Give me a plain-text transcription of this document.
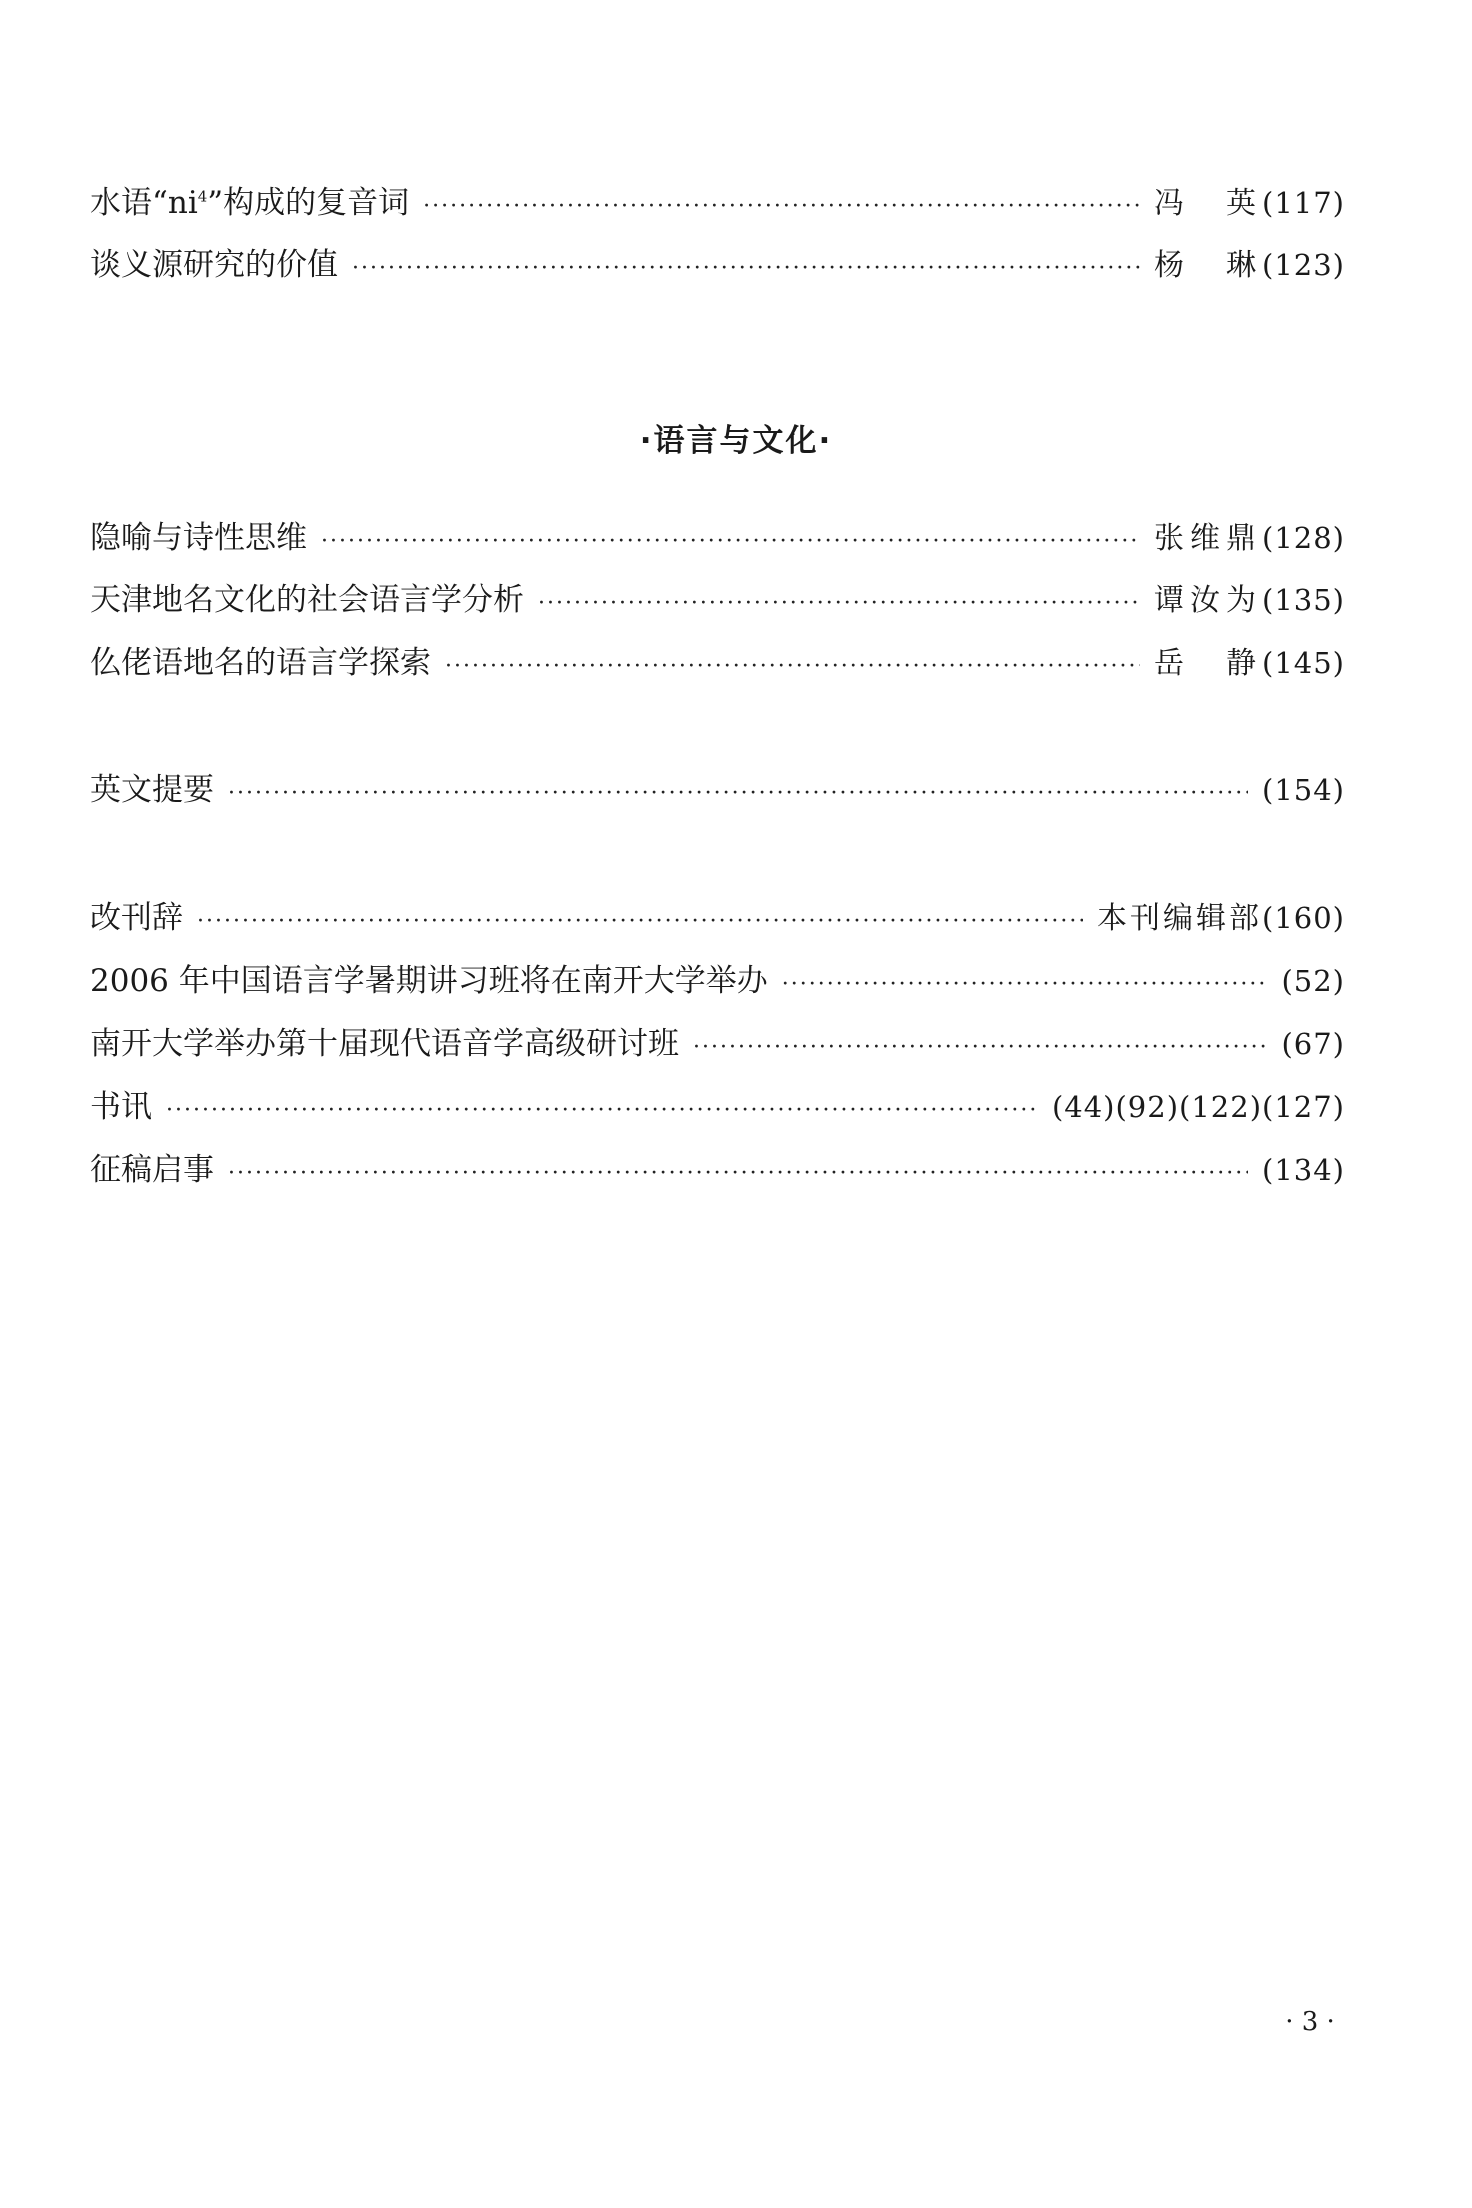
水语“$ni^4$”构成的复音词 ·····	冯　英 (117)
谈义源研究的价值 ·····	杨　琳 (123)
·语言与文化·
隐喻与诗性思维 ·····	张维鼎 (128)
天津地名文化的社会语言学分析 ·····	谭汝为 (135)
仫佬语地名的语言学探索 ·····	岳　静 (145)
英文提要 ·····	(154)
改刊辞 ·····	本刊编辑部 (160)
2006 年中国语言学暑期讲习班将在南开大学举办 ·····	(52)
南开大学举办第十届现代语音学高级研讨班 ·····	(67)
书讯 ·····	(44)(92)(122)(127)
征稿启事 ·····	(134)
· 3 ·
